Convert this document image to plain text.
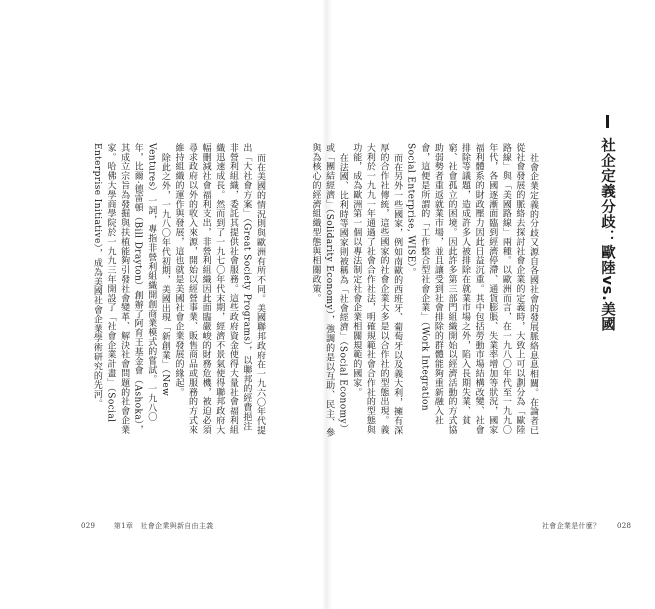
而在美國的情況則與歐洲有所不同。美國聯邦政府在一九六〇年代提出「大社會方案」（Great Society Programs），以聯邦的經費挹注非營利組織，委託其提供社會服務。這些政府資金使得大量社會福利組織迅速成長。然而到了一九七〇年代末期，經濟不景氣使得聯邦政府大幅刪減社會福利支出，非營利組織因此面臨嚴峻的財務危機，被迫必須尋求政府以外的收入來源，開始以經營事業、販售商品或服務的方式來維持組織的運作與發展，這也就是美國社會企業發展的緣起。

除此之外，一九八〇年代初期，美國出現「新創業」（New Ventures）一詞，專指非營利組織開創商業模式的嘗試。一九八〇年，比爾·德雷頓（Bill Drayton）創辦了阿育王基金會（Ashoka），其成立宗旨為發掘與扶植能夠引發社會變革、解決社會問題的社會企業家。哈佛大學商學院於一九九三年開設了「社會企業計畫」（Social Enterprise Initiative），成為美國社會企業學術研究的先河。

029	第1章　社會企業與新自由主義
社企定義分歧：歐陸vs.美國

社會企業定義的分歧又源自各國社會的發展脈絡息息相關。在論者已從社會發展的脈絡去探討社會企業的定義時，大致上可以劃分為「歐陸路線」與「美國路線」兩種。以歐洲而言，在一九八〇年代至一九九〇年代，各國逐漸面臨到經濟停滯、通貨膨脹、失業率增加等狀況，國家福利體系的財政壓力因此日益沉重。其中包括勞動市場結構改變、社會排除等議題，造成許多人被排除在就業市場之外，陷入長期失業、貧窮、社會孤立的困境。因此許多第三部門組織開始以經濟活動的方式協助弱勢者重返就業市場，並且讓受到社會排除的群體能夠重新融入社會，這便是所謂的「工作整合型社會企業」（Work Integration Social Enterprise, WISE）。

而在另外一些國家，例如南歐的西班牙、葡萄牙以及義大利，擁有深厚的合作社傳統，這些國家的社會企業大多是以合作社的型態出現。義大利於一九九一年通過了社會合作社法，明確規範社會合作社的型態與功能，成為歐洲第一個以專法制定社會企業相關規範的國家。

在法國、比利時等國家則被稱為「社會經濟」（Social Economy）或「團結經濟」（Solidarity Economy），強調的是以互助、民主、參與為核心的經濟組織型態與相關政策。

社會企業是什麼？ 028
